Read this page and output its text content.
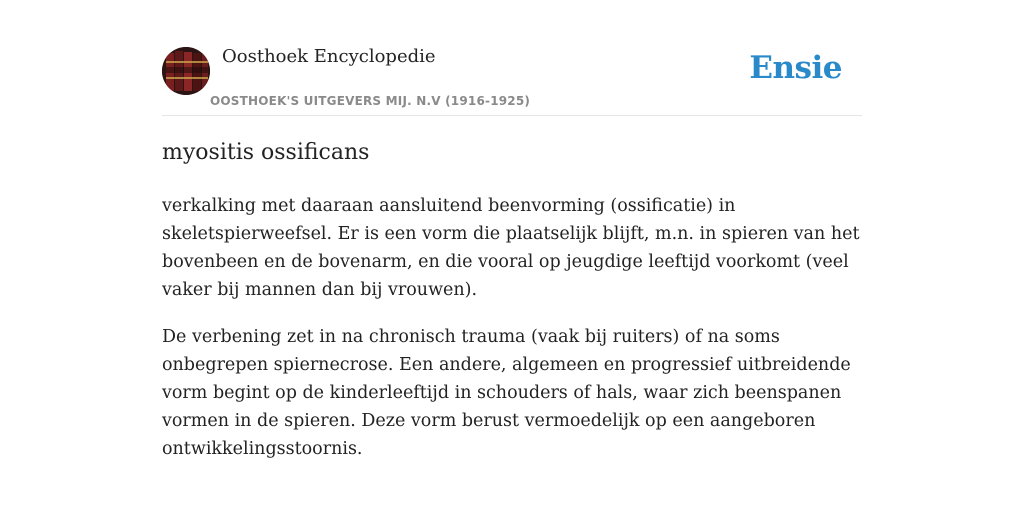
Oosthoek Encyclopedie
OOSTHOEK'S UITGEVERS MIJ. N.V (1916-1925)
Ensie
myositis ossificans

verkalking met daaraan aansluitend beenvorming (ossificatie) in skeletspierweefsel. Er is een vorm die plaatselijk blijft, m.n. in spieren van het bovenbeen en de bovenarm, en die vooral op jeugdige leeftijd voorkomt (veel vaker bij mannen dan bij vrouwen).

De verbening zet in na chronisch trauma (vaak bij ruiters) of na soms onbegrepen spiernecrose. Een andere, algemeen en progressief uitbreidende vorm begint op de kinderleeftijd in schouders of hals, waar zich beenspanen vormen in de spieren. Deze vorm berust vermoedelijk op een aangeboren ontwikkelingsstoornis.
